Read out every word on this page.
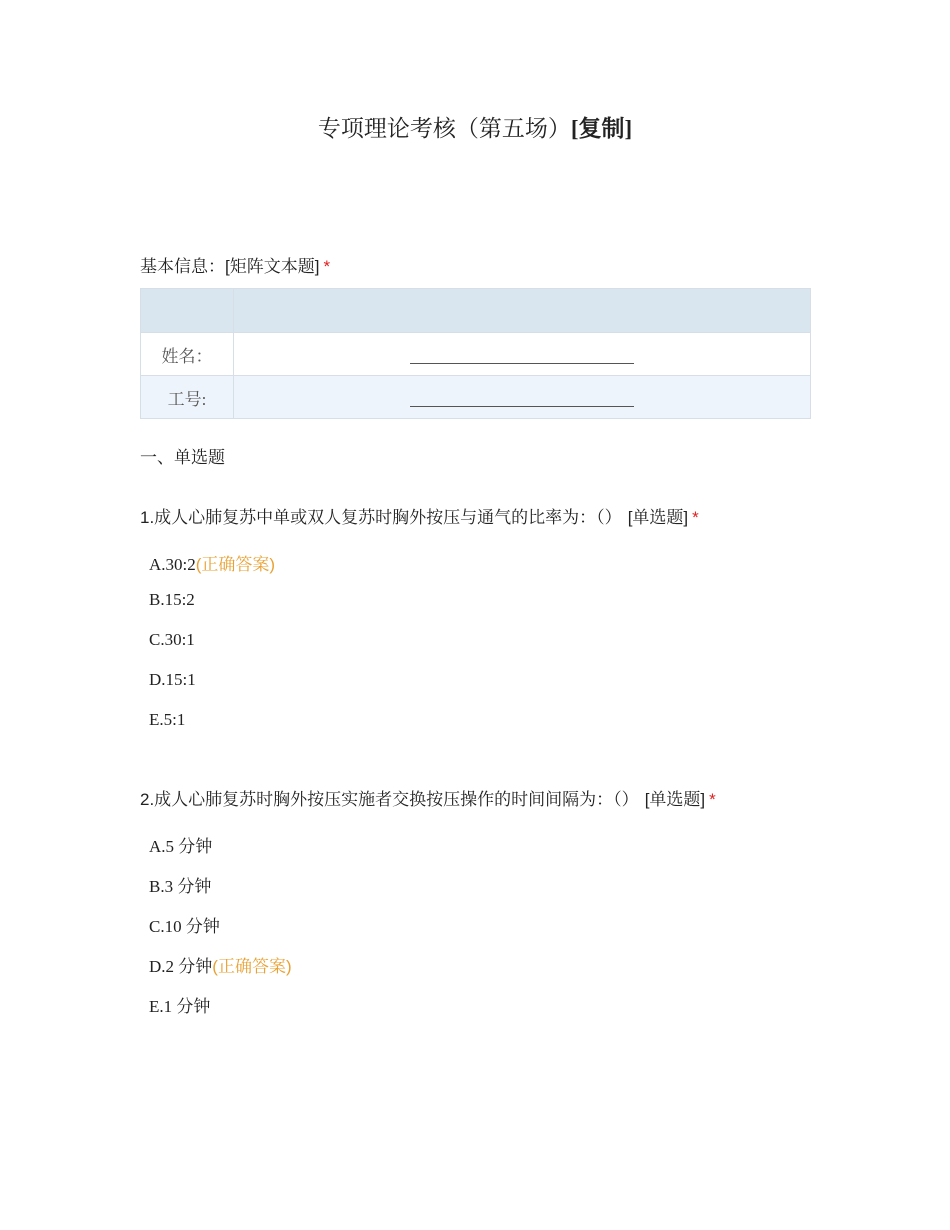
专项理论考核（第五场）[复制]
基本信息：[矩阵文本题] *

姓名：	
工号:	
一、单选题
1.成人心肺复苏中单或双人复苏时胸外按压与通气的比率为：（） [单选题] *
A.30:2(正确答案)
B.15:2
C.30:1
D.15:1
E.5:1
2.成人心肺复苏时胸外按压实施者交换按压操作的时间间隔为：（） [单选题] *
A.5 分钟
B.3 分钟
C.10 分钟
D.2 分钟(正确答案)
E.1 分钟
